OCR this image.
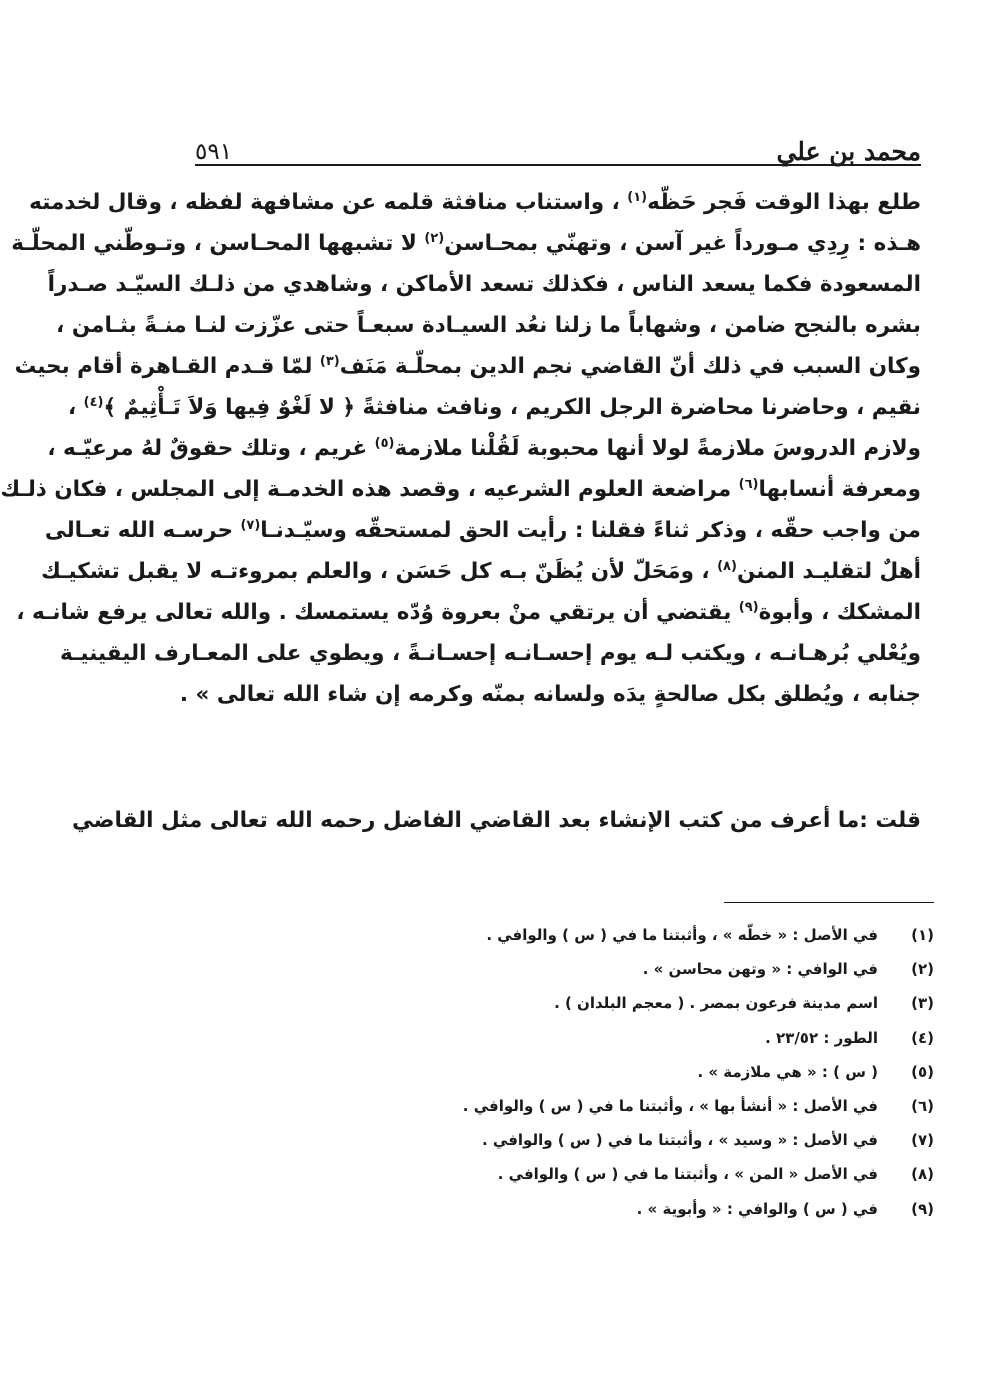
محمد بن علي
٥٩١
طلع بهذا الوقت فَجر حَظّه$^{(١)}$ ، واستناب منافثة قلمه عن مشافهة لفظه ، وقال لخدمته
هـذه : رِدِي مـورداً غير آسن ، وتهنّي بمحـاسن$^{(٢)}$ لا تشبهها المحـاسن ، وتـوطّني المحلّـة
المسعودة فكما يسعد الناس ، فكذلك تسعد الأماكن ، وشاهدي من ذلـك السيّـد صـدراً
بشره بالنجح ضامن ، وشهاباً ما زلنا نعُد السيـادة سبعـاً حتى عزّزت لنـا منـةً بثـامن ،
وكان السبب في ذلك أنّ القاضي نجم الدين بمحلّـة مَنَف$^{(٣)}$ لمّا قـدم القـاهرة أقام بحيث
نقيم ، وحاضرنا محاضرة الرجل الكريم ، ونافث منافثةً ﴿ لا لَغْوٌ فِيها وَلاَ تَـأْثِيمٌ ﴾$^{(٤)}$ ،
ولازم الدروسَ ملازمةً لولا أنها محبوبة لَقُلْنا ملازمة$^{(٥)}$ غريم ، وتلك حقوقٌ لهُ مرعيّـه ،
ومعرفة أنسابها$^{(٦)}$ مراضعة العلوم الشرعيه ، وقصد هذه الخدمـة إلى المجلس ، فكان ذلـك
من واجب حقّه ، وذكر ثناءً فقلنا : رأيت الحق لمستحقّه وسيّـدنـا$^{(٧)}$ حرسـه الله تعـالى
أهلٌ لتقليـد المنن$^{(٨)}$ ، ومَحَلّ لأن يُظَنّ بـه كل حَسَن ، والعلم بمروءتـه لا يقبل تشكيـك
المشكك ، وأبوة$^{(٩)}$ يقتضي أن يرتقي منْ بعروة وُدّه يستمسك . والله تعالى يرفع شانـه ،
ويُعْلي بُرهـانـه ، ويكتب لـه يوم إحسـانـه إحسـانـةً ، ويطوي على المعـارف اليقينيـة
جنابه ، ويُطلق بكل صالحةٍ يدَه ولسانه بمنّه وكرمه إن شاء الله تعالى » .
قلت :ما أعرف من كتب الإنشاء بعد القاضي الفاضل رحمه الله تعالى مثل القاضي
(١)
في الأصل : « خطّه » ، وأثبتنا ما في ( س ) والوافي .
(٢)
في الوافي : « وتهن محاسن » .
(٣)
اسم مدينة فرعون بمصر . ( معجم البلدان ) .
(٤)
الطور : ٢٣/٥٢ .
(٥)
( س ) : « هي ملازمة » .
(٦)
في الأصل : « أنشأ بها » ، وأثبتنا ما في ( س ) والوافي .
(٧)
في الأصل : « وسيد » ، وأثبتنا ما في ( س ) والوافي .
(٨)
في الأصل « المن » ، وأثبتنا ما في ( س ) والوافي .
(٩)
في ( س ) والوافي : « وأبوية » .
